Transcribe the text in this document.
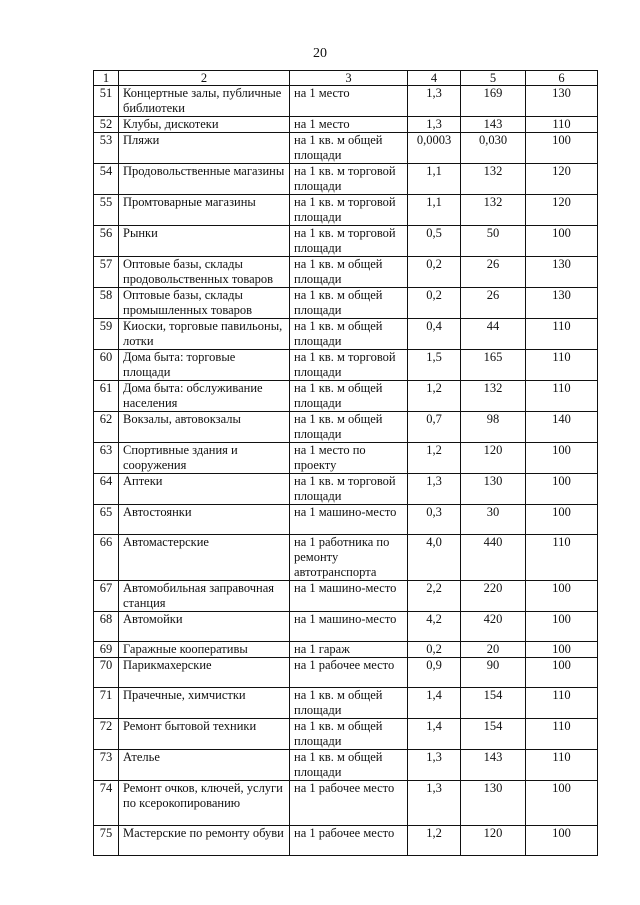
20
1	2	3	4	5	6
51	Концертные залы, публичные библиотеки	на 1 место	1,3	169	130
52	Клубы, дискотеки	на 1 место	1,3	143	110
53	Пляжи	на 1 кв. м общей площади	0,0003	0,030	100
54	Продовольственные магазины	на 1 кв. м торговой площади	1,1	132	120
55	Промтоварные магазины	на 1 кв. м торговой площади	1,1	132	120
56	Рынки	на 1 кв. м торговой площади	0,5	50	100
57	Оптовые базы, склады продовольственных товаров	на 1 кв. м общей площади	0,2	26	130
58	Оптовые базы, склады промышленных товаров	на 1 кв. м общей площади	0,2	26	130
59	Киоски, торговые павильоны, лотки	на 1 кв. м общей площади	0,4	44	110
60	Дома быта: торговые площади	на 1 кв. м торговой площади	1,5	165	110
61	Дома быта: обслуживание населения	на 1 кв. м общей площади	1,2	132	110
62	Вокзалы, автовокзалы	на 1 кв. м общей площади	0,7	98	140
63	Спортивные здания и сооружения	на 1 место по проекту	1,2	120	100
64	Аптеки	на 1 кв. м торговой площади	1,3	130	100
65	Автостоянки	на 1 машино-место	0,3	30	100
66	Автомастерские	на 1 работника по ремонту автотранспорта	4,0	440	110
67	Автомобильная заправочная станция	на 1 машино-место	2,2	220	100
68	Автомойки	на 1 машино-место	4,2	420	100
69	Гаражные кооперативы	на 1 гараж	0,2	20	100
70	Парикмахерские	на 1 рабочее место	0,9	90	100
71	Прачечные, химчистки	на 1 кв. м общей площади	1,4	154	110
72	Ремонт бытовой техники	на 1 кв. м общей площади	1,4	154	110
73	Ателье	на 1 кв. м общей площади	1,3	143	110
74	Ремонт очков, ключей, услуги по ксерокопированию	на 1 рабочее место	1,3	130	100
75	Мастерские по ремонту обуви	на 1 рабочее место	1,2	120	100
